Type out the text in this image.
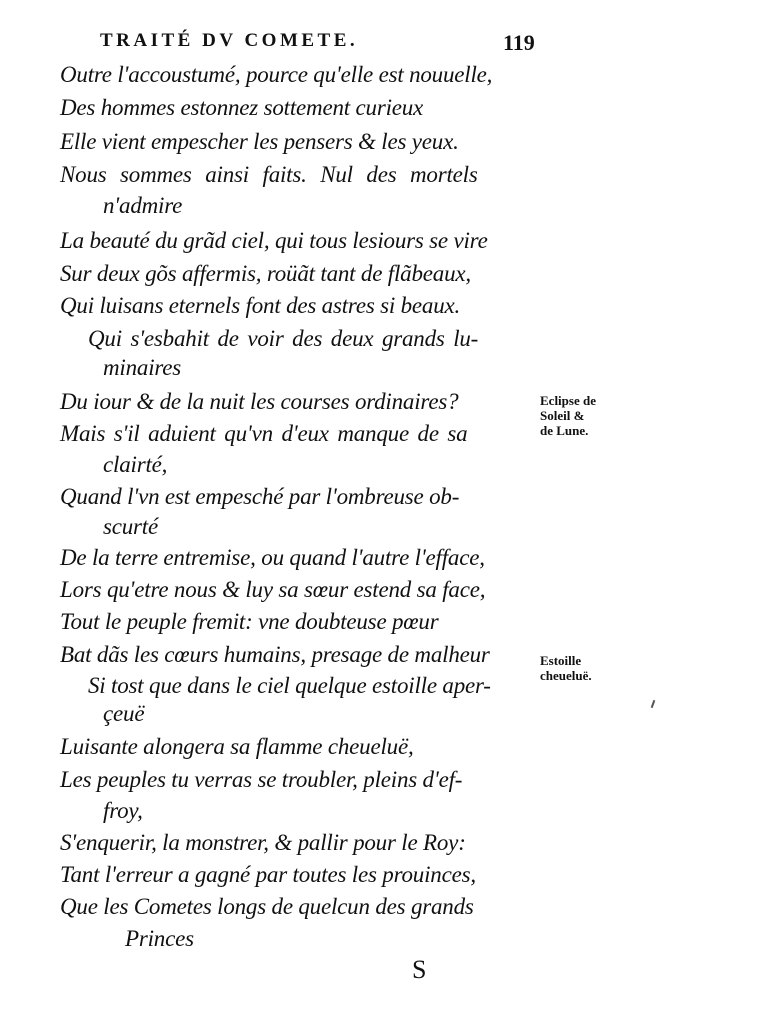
TRAITÉ DV COMETE.	119
Outre l'accoustumé, pource qu'elle est nouuelle,
Des hommes estonnez sottement curieux
Elle vient empescher les pensers & les yeux.
Nous sommes ainsi faits. Nul des mortels
n'admire
La beauté du grãd ciel, qui tous lesiours se vire
Sur deux gõs affermis, roüãt tant de flãbeaux,
Qui luisans eternels font des astres si beaux.
Qui s'esbahit de voir des deux grands lu-
minaires
Du iour & de la nuit les courses ordinaires?
Mais s'il aduient qu'vn d'eux manque de sa
clairté,
Quand l'vn est empesché par l'ombreuse ob-
scurté
De la terre entremise, ou quand l'autre l'efface,
Lors qu'etre nous & luy sa sœur estend sa face,
Tout le peuple fremit: vne doubteuse pœur
Bat dãs les cœurs humains, presage de malheur
Si tost que dans le ciel quelque estoille aper-
çeuë
Luisante alongera sa flamme cheueluë,
Les peuples tu verras se troubler, pleins d'ef-
froy,
S'enquerir, la monstrer, & pallir pour le Roy:
Tant l'erreur a gagné par toutes les prouinces,
Que les Cometes longs de quelcun des grands
Princes
Eclipse de
Soleil &
de Lune.
Estoille
cheueluë.
S
